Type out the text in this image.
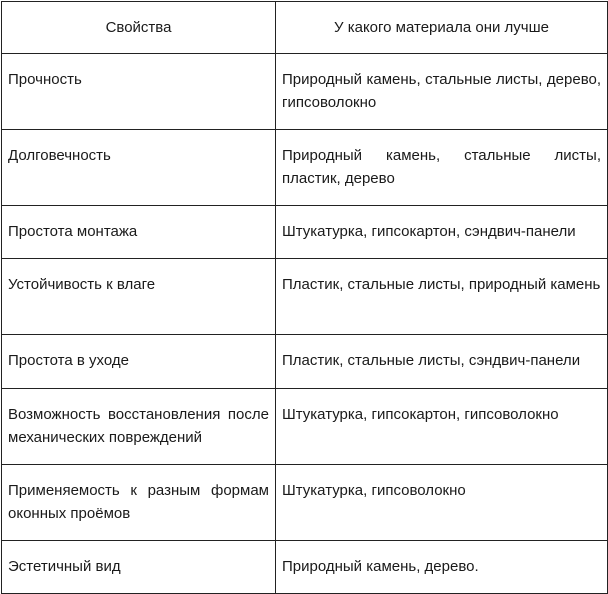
Свойства	У какого материала они лучше
Прочность	Природный камень, стальные листы, дерево, гипсоволокно
Долговечность	Природный камень, стальные листы, пластик, дерево
Простота монтажа	Штукатурка, гипсокартон, сэндвич-панели
Устойчивость к влаге	Пластик, стальные листы, природный камень
Простота в уходе	Пластик, стальные листы, сэндвич-панели
Возможность восстановления после механических повреждений	Штукатурка, гипсокартон, гипсоволокно
Применяемость к разным формам оконных проёмов	Штукатурка, гипсоволокно
Эстетичный вид	Природный камень, дерево.
